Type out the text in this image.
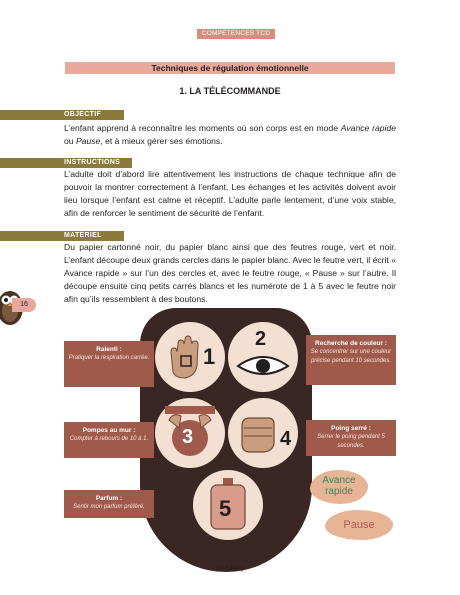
COMPÉTENCES TCD
Techniques de régulation émotionnelle
1. LA TÉLÉCOMMANDE
OBJECTIF
L’enfant apprend à reconnaître les moments où son corps est en mode Avance rapide ou Pause, et à mieux gérer ses émotions.
INSTRUCTIONS
L’adulte doit d’abord lire attentivement les instructions de chaque technique afin de pouvoir la montrer correctement à l’enfant. Les échanges et les activités doivent avoir lieu lorsque l’enfant est calme et réceptif. L’adulte parle lentement, d’une voix stable, afin de renforcer le sentiment de sécurité de l’enfant.
MATÉRIEL
Du papier cartonné noir, du papier blanc ainsi que des feutres rouge, vert et noir. L’enfant découpe deux grands cercles dans le papier blanc. Avec le feutre vert, il écrit « Avance rapide » sur l’un des cercles et, avec le feutre rouge, « Pause » sur l’autre. Il découpe ensuite cinq petits carrés blancs et les numérote de 1 à 5 avec le feutre noir afin qu’ils ressemblent à des boutons.
16
1
2
3	4
5
Ralenti :
Pratiquer la respiration carrée.
Recherche de couleur :
Se concentrer sur une couleur précise pendant 10 secondes.
Pompes au mur :
Compter à rebours de 10 à 1.
Poing serré :
Serrer le poing pendant 5 secondes.
Parfum :
Sentir mon parfum préféré.
Avance rapide
Pause
© Upbility
